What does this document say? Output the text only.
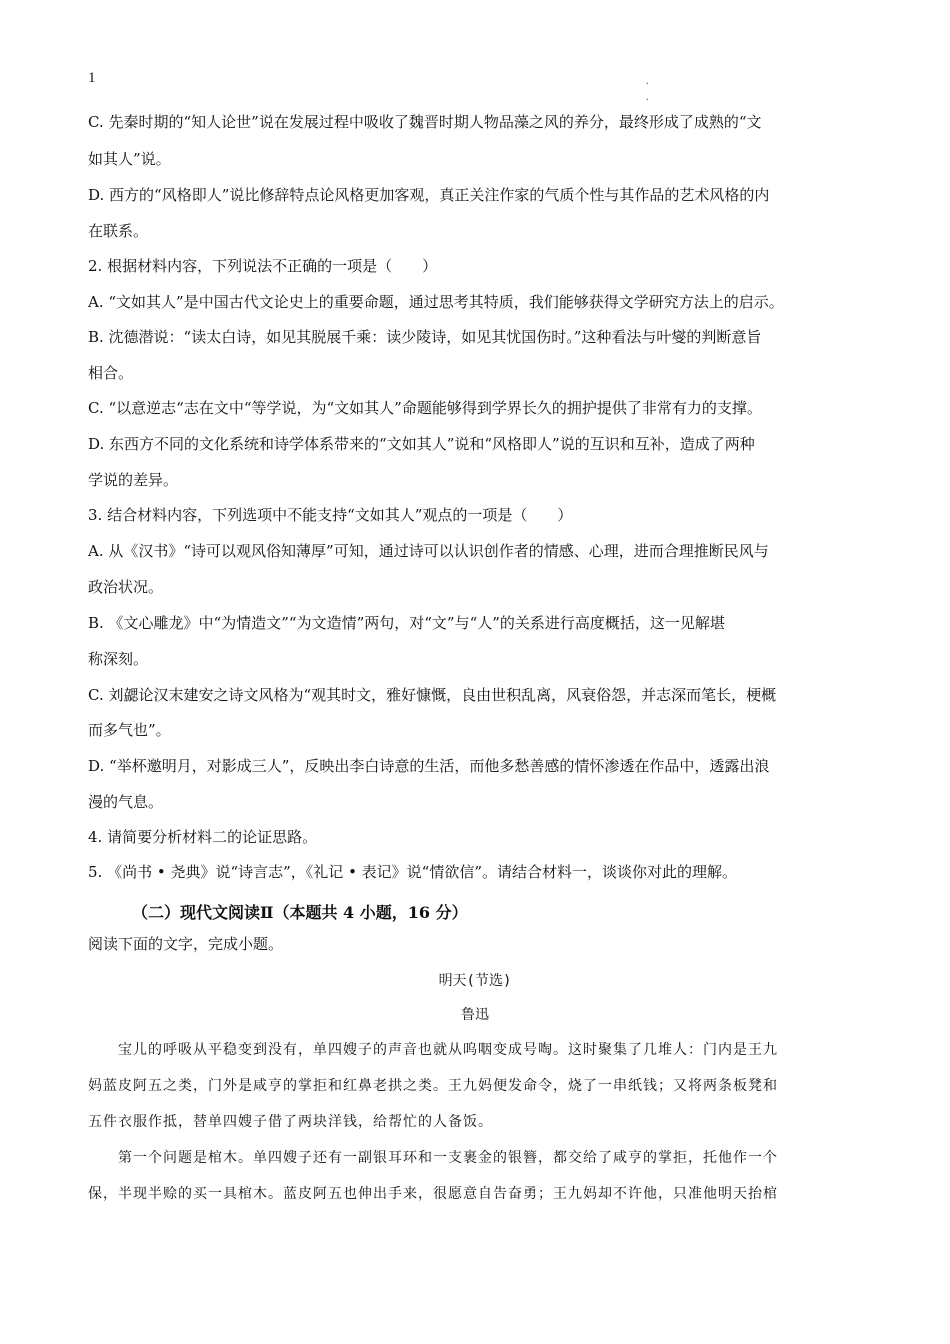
1	.
.
C. 先秦时期的“知人论世”说在发展过程中吸收了魏晋时期人物品藻之风的养分，最终形成了成熟的“文
如其人”说。
D. 西方的“风格即人”说比修辞特点论风格更加客观，真正关注作家的气质个性与其作品的艺术风格的内
在联系。
2. 根据材料内容，下列说法不正确的一项是（　　）
A. “文如其人”是中国古代文论史上的重要命题，通过思考其特质，我们能够获得文学研究方法上的启示。
B. 沈德潜说：“读太白诗，如见其脱展千乘：读少陵诗，如见其忧国伤时。”这种看法与叶燮的判断意旨
相合。
C. “以意逆志“志在文中“等学说，为“文如其人”命题能够得到学界长久的拥护提供了非常有力的支撑。
D. 东西方不同的文化系统和诗学体系带来的“文如其人”说和“风格即人”说的互识和互补，造成了两种
学说的差异。
3. 结合材料内容，下列选项中不能支持“文如其人”观点的一项是（　　）
A. 从《汉书》“诗可以观风俗知薄厚”可知，通过诗可以认识创作者的情感、心理，进而合理推断民风与
政治状况。
B. 《文心雕龙》中“为情造文”“为文造情”两句，对“文”与“人”的关系进行高度概括，这一见解堪
称深刻。
C. 刘勰论汉末建安之诗文风格为“观其时文，雅好慷慨，良由世积乱离，风衰俗怨，并志深而笔长，梗概
而多气也”。
D. “举杯邀明月，对影成三人”，反映出李白诗意的生活，而他多愁善感的情怀渗透在作品中，透露出浪
漫的气息。
4. 请简要分析材料二的论证思路。
5. 《尚书 • 尧典》说“诗言志”，《礼记 • 表记》说“情欲信”。请结合材料一，谈谈你对此的理解。
（二）现代文阅读Ⅱ（本题共 4 小题，16 分）
阅读下面的文字，完成小题。
明天(节选)
鲁迅
宝儿的呼吸从平稳变到没有，单四嫂子的声音也就从呜咽变成号啕。这时聚集了几堆人：门内是王九
妈蓝皮阿五之类，门外是咸亨的掌拒和红鼻老拱之类。王九妈便发命令，烧了一串纸钱；又将两条板凳和
五件衣服作抵，替单四嫂子借了两块洋钱，给帮忙的人备饭。
第一个问题是棺木。单四嫂子还有一副银耳环和一支裹金的银簪，都交给了咸亨的掌拒，托他作一个
保，半现半赊的买一具棺木。蓝皮阿五也伸出手来，很愿意自告奋勇；王九妈却不许他，只准他明天抬棺
